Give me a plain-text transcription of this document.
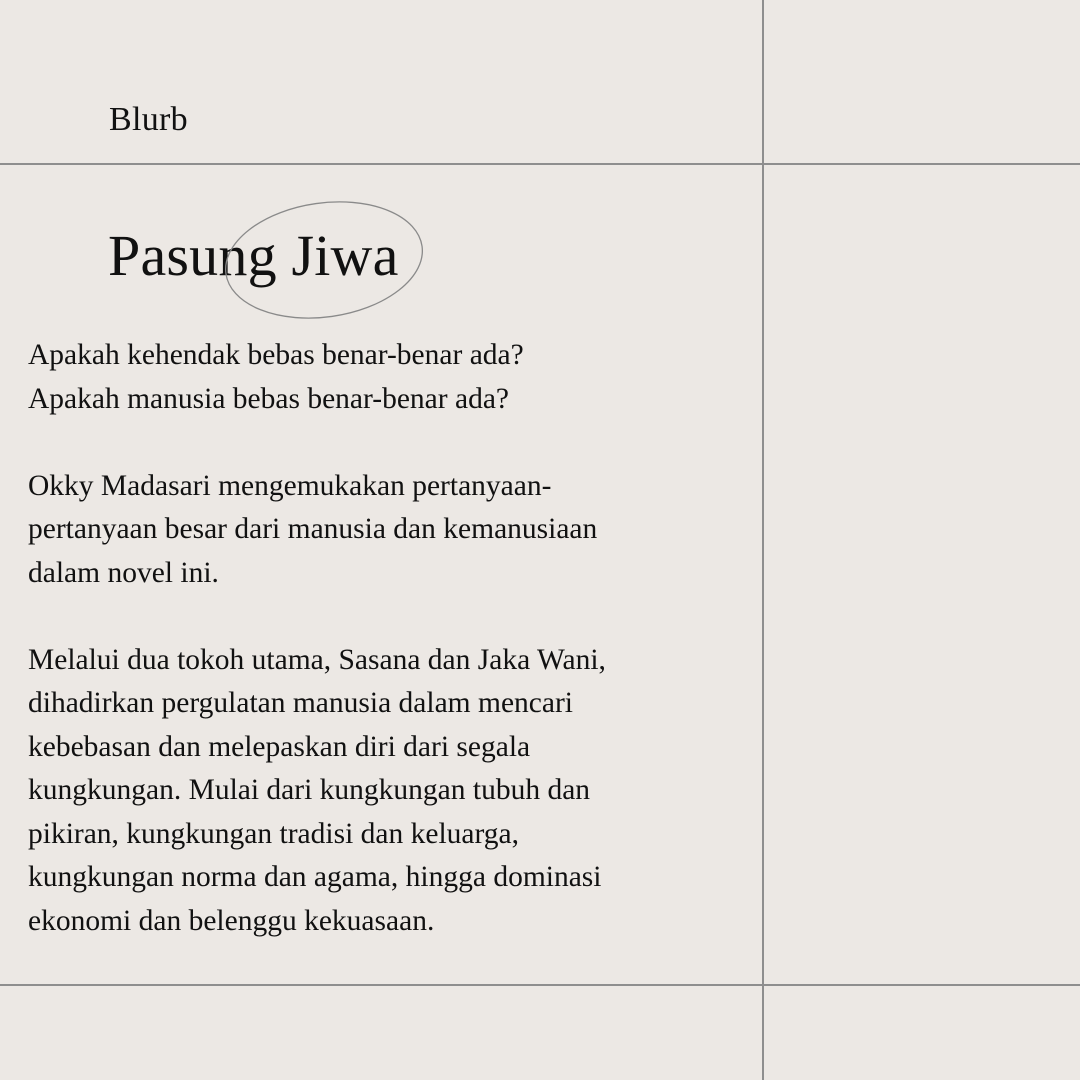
Blurb
Pasung Jiwa

Apakah kehendak bebas benar-benar ada?
Apakah manusia bebas benar-benar ada?

Okky Madasari mengemukakan pertanyaan-
pertanyaan besar dari manusia dan kemanusiaan
dalam novel ini.

Melalui dua tokoh utama, Sasana dan Jaka Wani,
dihadirkan pergulatan manusia dalam mencari
kebebasan dan melepaskan diri dari segala
kungkungan. Mulai dari kungkungan tubuh dan
pikiran, kungkungan tradisi dan keluarga,
kungkungan norma dan agama, hingga dominasi
ekonomi dan belenggu kekuasaan.
